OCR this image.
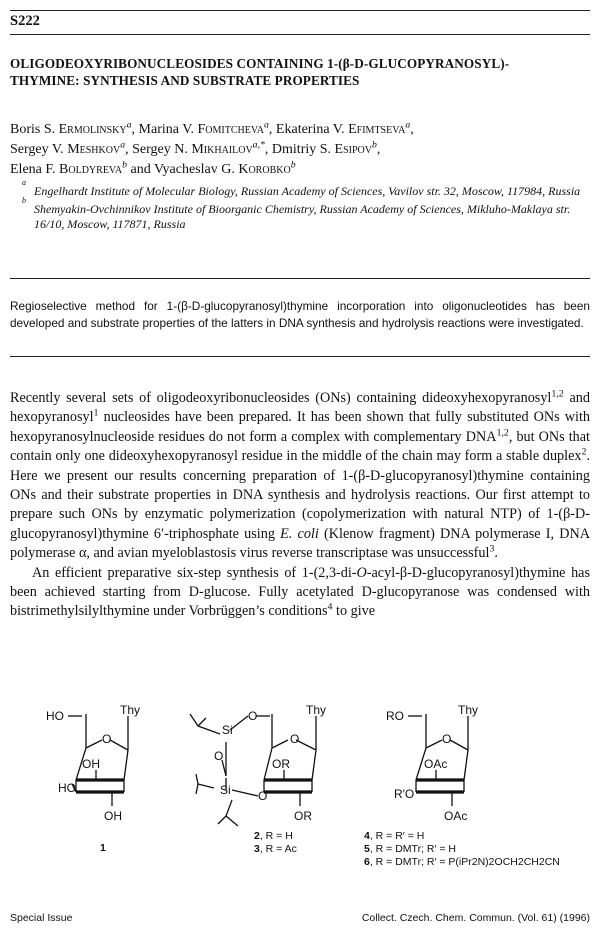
S222
OLIGODEOXYRIBONUCLEOSIDES CONTAINING 1-(β-D-GLUCOPYRANOSYL)-
THYMINE: SYNTHESIS AND SUBSTRATE PROPERTIES
Boris S. Ermolinsky$^a$, Marina V. Fomitcheva$^a$, Ekaterina V. Efimtseva$^a$,
Sergey V. Meshkov$^a$, Sergey N. Mikhailov$^{a,*}$, Dmitriy S. Esipov$^b$,
Elena F. Boldyreva$^b$ and Vyacheslav G. Korobko$^b$
a
Engelhardt Institute of Molecular Biology, Russian Academy of Sciences, Vavilov str. 32, Moscow, 117984, Russia
b
Shemyakin-Ovchinnikov Institute of Bioorganic Chemistry, Russian Academy of Sciences, Mikluho-Maklaya str. 16/10, Moscow, 117871, Russia
Regioselective method for 1-(β-D-glucopyranosyl)thymine incorporation into oligonucleotides has been developed and substrate properties of the latters in DNA synthesis and hydrolysis reactions were investigated.

Recently several sets of oligodeoxyribonucleosides (ONs) containing dideoxyhexopyranosyl$^{1,2}$ and hexopyranosyl$^1$ nucleosides have been prepared. It has been shown that fully substituted ONs with hexopyranosylnucleoside residues do not form a complex with complementary DNA$^{1,2}$, but ONs that contain only one dideoxyhexopyranosyl residue in the middle of the chain may form a stable duplex$^2$. Here we present our results concerning preparation of 1-(β-D-glucopyranosyl)thymine containing ONs and their substrate properties in DNA synthesis and hydrolysis reactions. Our first attempt to prepare such ONs by enzymatic polymerization (copolymerization with natural NTP) of 1-(β-D-glucopyranosyl)thymine 6′-triphosphate using E. coli (Klenow fragment) DNA polymerase I, DNA polymerase α, and avian myeloblastosis virus reverse transcriptase was unsuccessful$^3$.

An efficient preparative six-step synthesis of 1-(2,3-di-O-acyl-β-D-glucopyranosyl)thymine has been achieved starting from D-glucose. Fully acetylated D-glucopyranose was condensed with bistrimethylsilylthymine under Vorbrüggen’s conditions$^4$ to give

HO
O
Thy
OH
HO
OH
Si
O
O
Thy
O
OR
Si O
OR
RO
O
Thy
OAc
R′O
OAc
1
2, R = H
3, R = Ac
4, R = R′ = H
5, R = DMTr; R′ = H
6, R = DMTr; R′ = P(iPr2N)2OCH2CH2CN
Special Issue	Collect. Czech. Chem. Commun. (Vol. 61) (1996)
